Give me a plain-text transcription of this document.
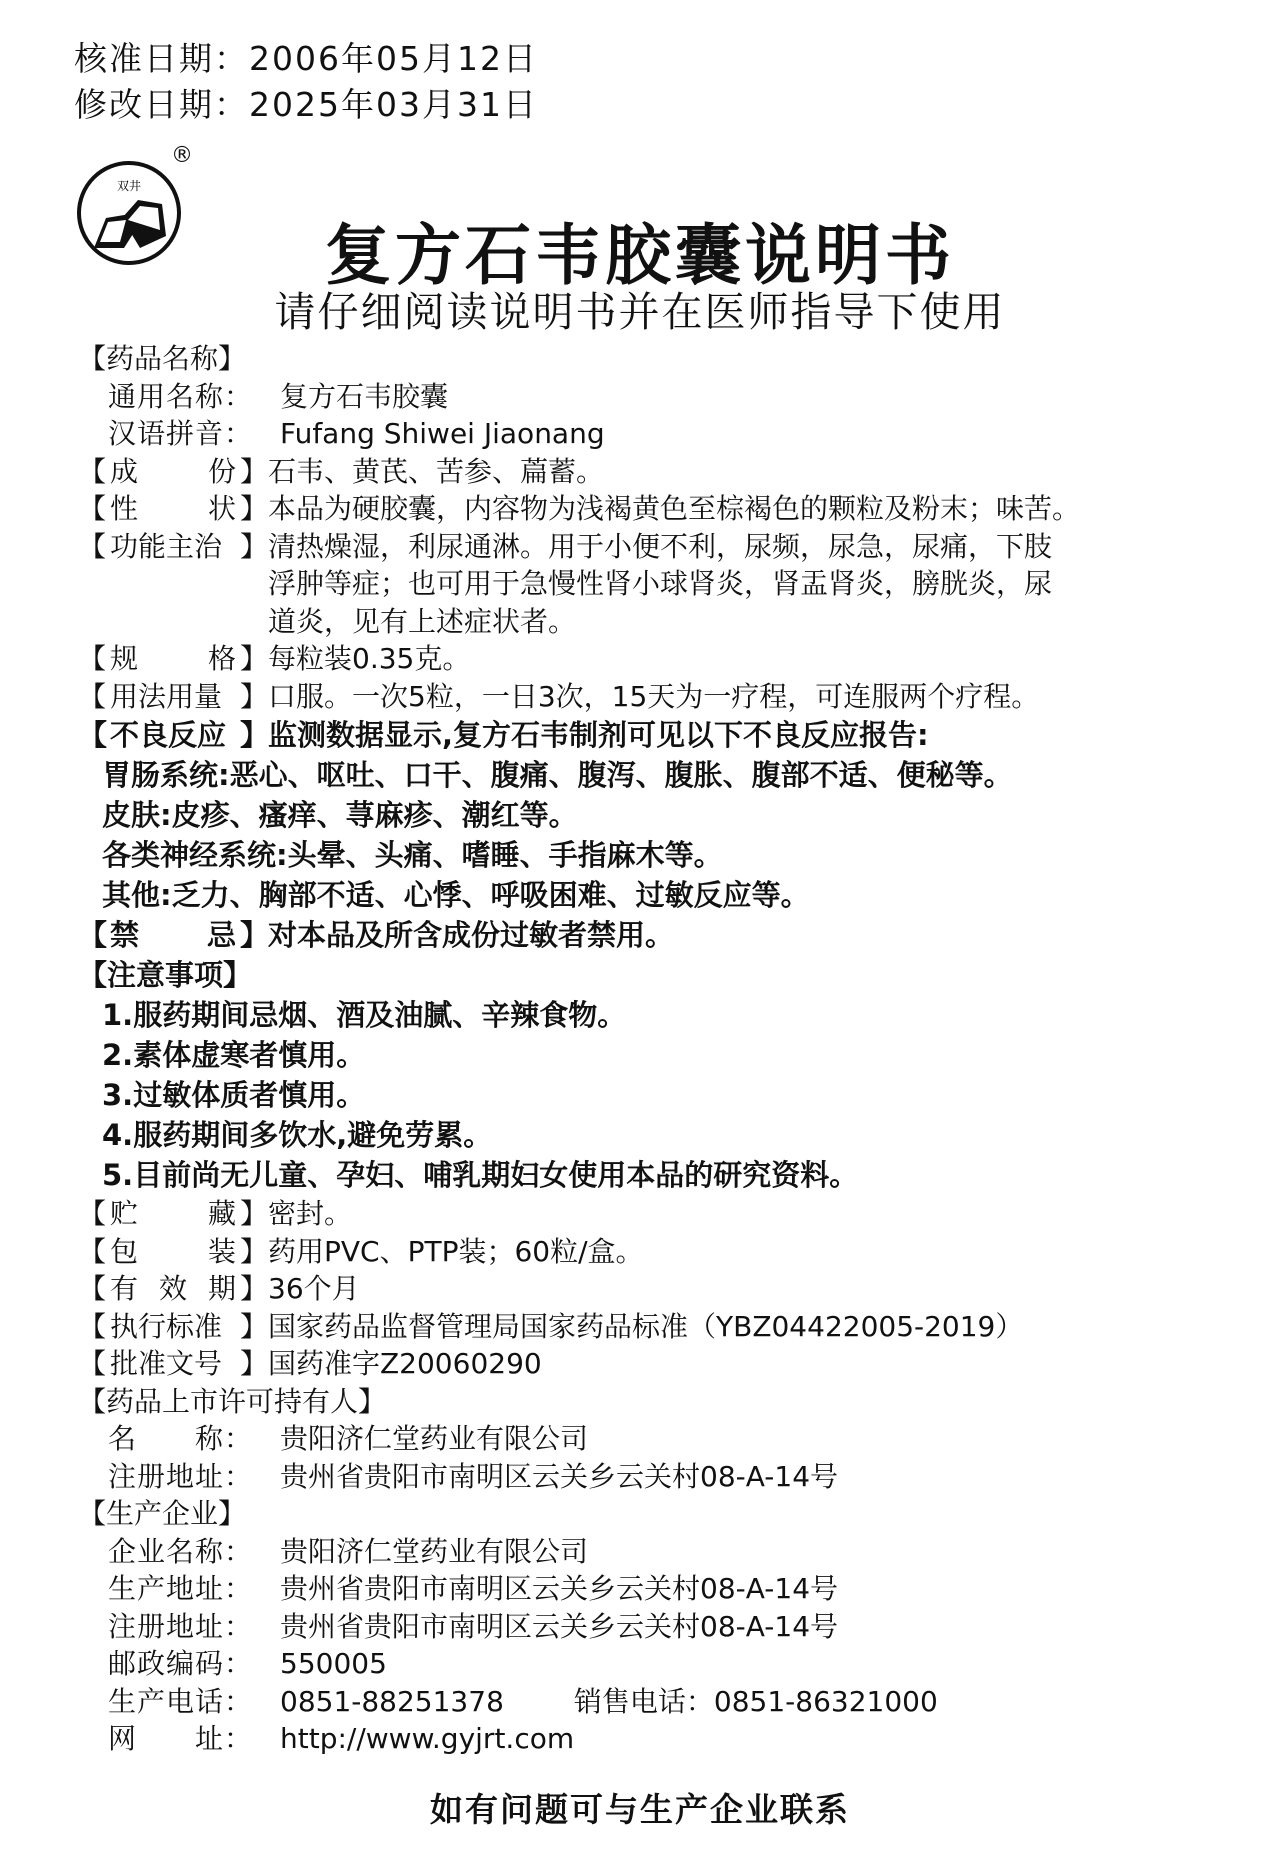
核准日期：2006年05月12日
修改日期：2025年03月31日
双井
®
复方石韦胶囊说明书
请仔细阅读说明书并在医师指导下使用
【药品名称】
通用名称： 复方石韦胶囊
汉语拼音： Fufang Shiwei Jiaonang
【 成 份 】 石韦、黄芪、苦参、萹蓄。
【 性 状 】 本品为硬胶囊，内容物为浅褐黄色至棕褐色的颗粒及粉末；味苦。
【 功能主治 】 清热燥湿，利尿通淋。用于小便不利，尿频，尿急，尿痛，下肢
浮肿等症；也可用于急慢性肾小球肾炎，肾盂肾炎，膀胱炎，尿
道炎，见有上述症状者。
【 规 格 】 每粒装0.35克。
【 用法用量 】 口服。一次5粒，一日3次，15天为一疗程，可连服两个疗程。
【 不良反应 】
监测数据显示,复方石韦制剂可见以下不良反应报告:
胃肠系统:恶心、呕吐、口干、腹痛、腹泻、腹胀、腹部不适、便秘等。
皮肤:皮疹、瘙痒、荨麻疹、潮红等。
各类神经系统:头晕、头痛、嗜睡、手指麻木等。
其他:乏力、胸部不适、心悸、呼吸困难、过敏反应等。
【 禁 忌 】
对本品及所含成份过敏者禁用。
【注意事项】
1.服药期间忌烟、酒及油腻、辛辣食物。
2.素体虚寒者慎用。
3.过敏体质者慎用。
4.服药期间多饮水,避免劳累。
5.目前尚无儿童、孕妇、哺乳期妇女使用本品的研究资料。
【 贮 藏 】 密封。
【 包 装 】 药用PVC、PTP装；60粒/盒。
【 有 效 期 】 36个月
【 执行标准 】 国家药品监督管理局国家药品标准（YBZ04422005-2019）
【 批准文号 】 国药准字Z20060290
【药品上市许可持有人】
名　　称： 贵阳济仁堂药业有限公司
注册地址： 贵州省贵阳市南明区云关乡云关村08-A-14号
【生产企业】
企业名称： 贵阳济仁堂药业有限公司
生产地址： 贵州省贵阳市南明区云关乡云关村08-A-14号
注册地址： 贵州省贵阳市南明区云关乡云关村08-A-14号
邮政编码： 550005
生产电话： 0851-88251378	销售电话：0851-86321000
网　　址： http://www.gyjrt.com
如有问题可与生产企业联系
